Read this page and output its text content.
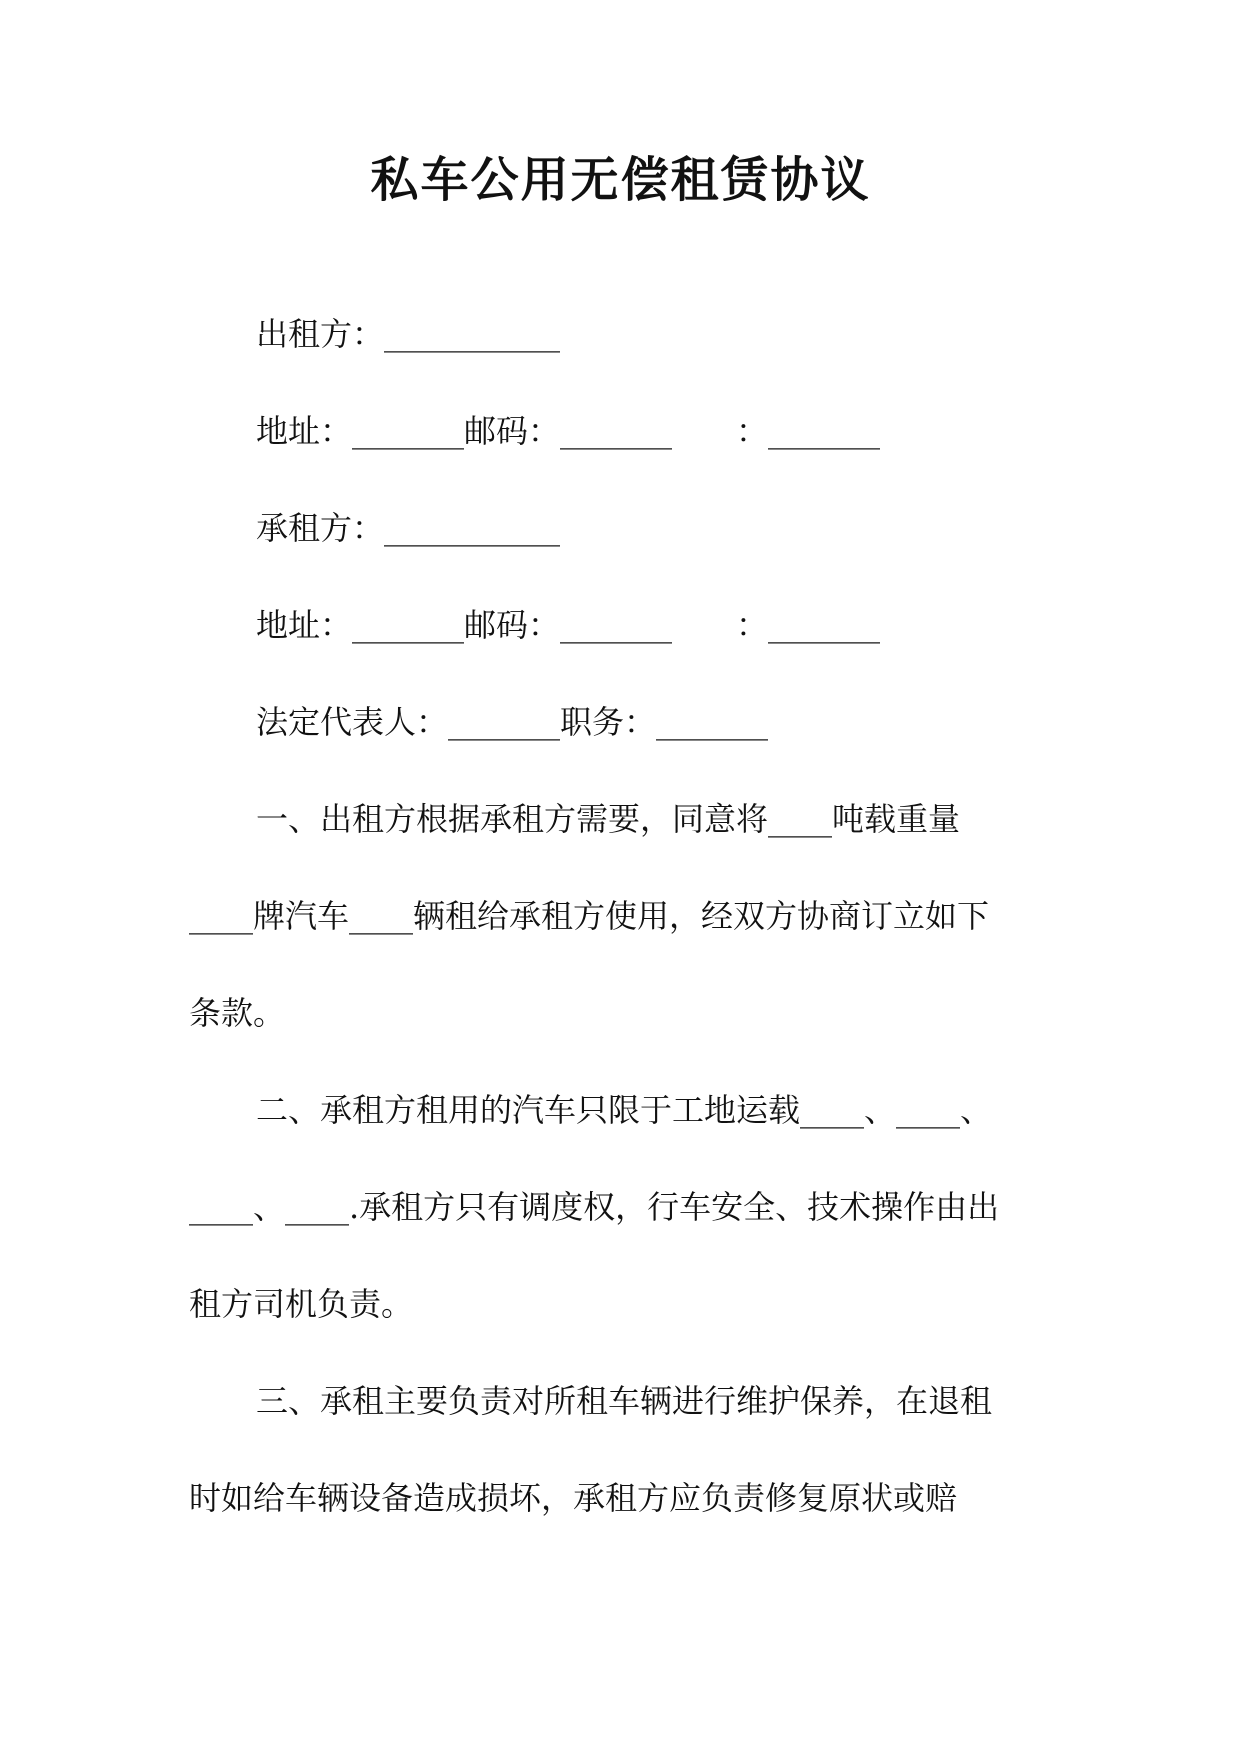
私车公用无偿租赁协议

出租方：___________

地址：_______邮码：_______　　：_______

承租方：___________

地址：_______邮码：_______　　：_______

法定代表人：_______职务：_______

一、出租方根据承租方需要，同意将____吨载重量

____牌汽车____辆租给承租方使用，经双方协商订立如下

条款。

二、承租方租用的汽车只限于工地运载____、____、

____、____.承租方只有调度权，行车安全、技术操作由出

租方司机负责。

三、承租主要负责对所租车辆进行维护保养，在退租

时如给车辆设备造成损坏，承租方应负责修复原状或赔
